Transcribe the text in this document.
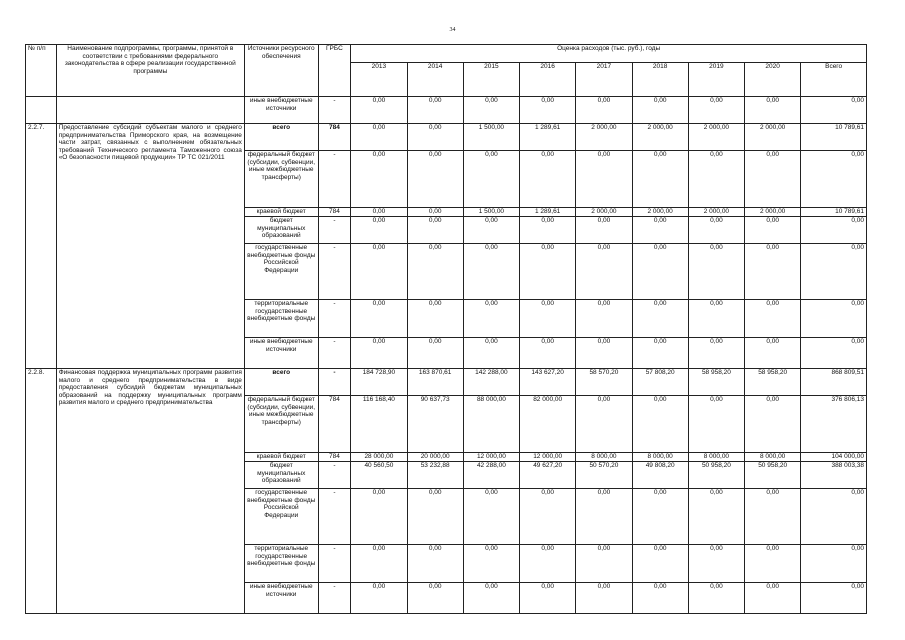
34
№ п/п	Наименование подпрограммы, программы, принятой в соответствии с требованиями федерального законодательства в сфере реализации государственной программы	Источники ресурсного обеспечения	ГРБС	Оценка расходов (тыс. руб.), годы								
				2013	2014	2015	2016	2017	2018	2019	2020	Всего
		иные внебюджетные источники	-	0,00	0,00	0,00	0,00	0,00	0,00	0,00	0,00	0,00
2.2.7.	Предоставление субсидий субъектам малого и среднего предпринимательства Приморского края, на возмещение части затрат, связанных с выполнением обязательных требований Технического регламента Таможенного союза «О безопасности пищевой продукции» ТР ТС 021/2011	всего	784	0,00	0,00	1 500,00	1 289,61	2 000,00	2 000,00	2 000,00	2 000,00	10 789,61
		федеральный бюджет (субсидии, субвенции, иные межбюджетные трансферты)	-	0,00	0,00	0,00	0,00	0,00	0,00	0,00	0,00	0,00
		краевой бюджет	784	0,00	0,00	1 500,00	1 289,61	2 000,00	2 000,00	2 000,00	2 000,00	10 789,61
		бюджет муниципальных образований	-	0,00	0,00	0,00	0,00	0,00	0,00	0,00	0,00	0,00
		государственные внебюджетные фонды Российской Федерации	-	0,00	0,00	0,00	0,00	0,00	0,00	0,00	0,00	0,00
		территориальные государственные внебюджетные фонды	-	0,00	0,00	0,00	0,00	0,00	0,00	0,00	0,00	0,00
		иные внебюджетные источники	-	0,00	0,00	0,00	0,00	0,00	0,00	0,00	0,00	0,00
2.2.8.	Финансовая поддержка муниципальных программ развития малого и среднего предпринимательства в виде предоставления субсидий бюджетам муниципальных образований на поддержку муниципальных программ развития малого и среднего предпринимательства	всего	-	184 728,90	163 870,61	142 288,00	143 627,20	58 570,20	57 808,20	58 958,20	58 958,20	868 809,51
		федеральный бюджет (субсидии, субвенции, иные межбюджетные трансферты)	784	116 168,40	90 637,73	88 000,00	82 000,00	0,00	0,00	0,00	0,00	376 806,13
		краевой бюджет	784	28 000,00	20 000,00	12 000,00	12 000,00	8 000,00	8 000,00	8 000,00	8 000,00	104 000,00
		бюджет муниципальных образований	-	40 560,50	53 232,88	42 288,00	49 627,20	50 570,20	49 808,20	50 958,20	50 958,20	388 003,38
		государственные внебюджетные фонды Российской Федерации	-	0,00	0,00	0,00	0,00	0,00	0,00	0,00	0,00	0,00
		территориальные государственные внебюджетные фонды	-	0,00	0,00	0,00	0,00	0,00	0,00	0,00	0,00	0,00
		иные внебюджетные источники	-	0,00	0,00	0,00	0,00	0,00	0,00	0,00	0,00	0,00
